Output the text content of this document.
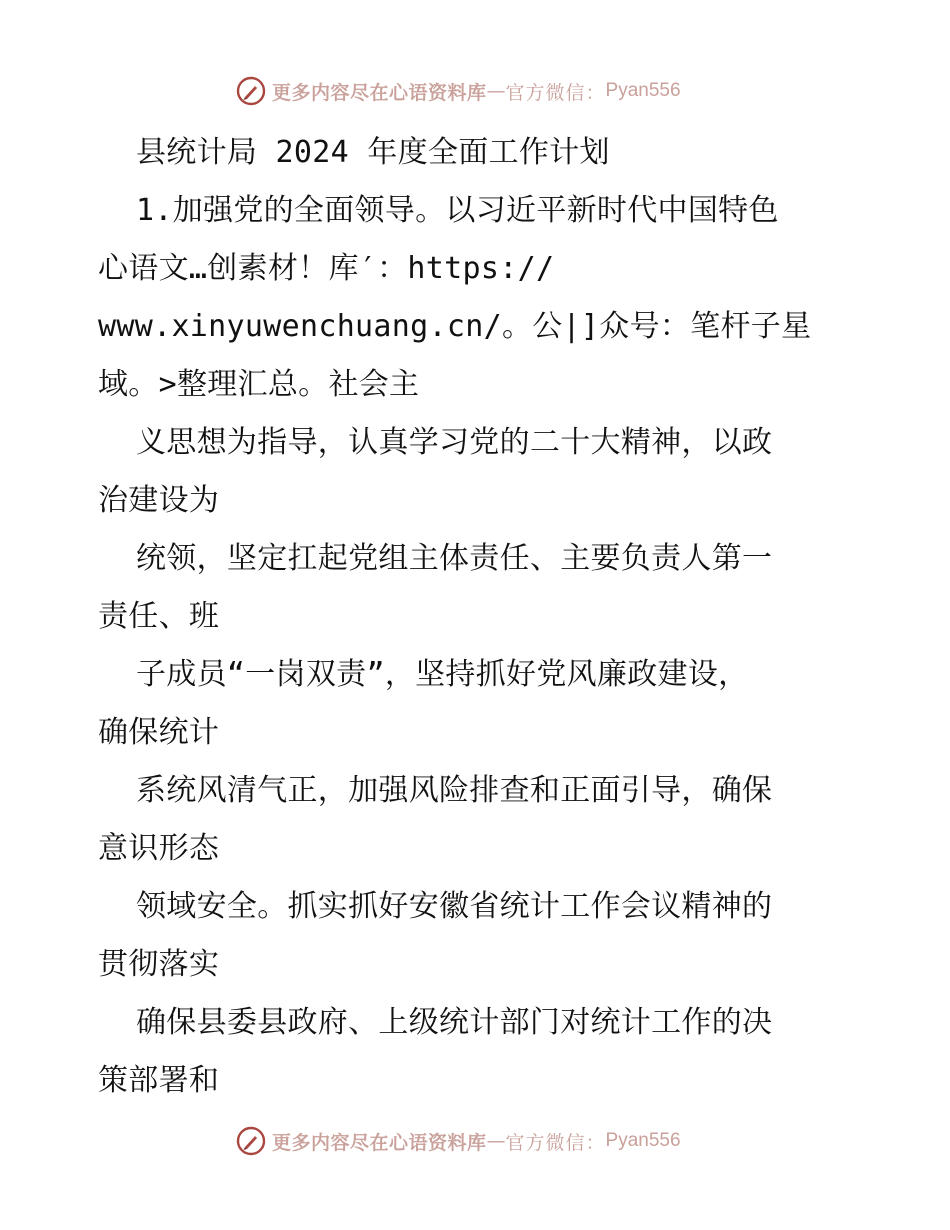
更多内容尽在心语资料库 — 官方微信： Pyan556
县统计局 2024 年度全面工作计划
1.加强党的全面领导。以习近平新时代中国特色
心语文…创素材！库′：https://
www.xinyuwenchuang.cn/。公|]众号：笔杆子星
域。>整理汇总。社会主
义思想为指导，认真学习党的二十大精神，以政
治建设为
统领，坚定扛起党组主体责任、主要负责人第一
责任、班
子成员“一岗双责”，坚持抓好党风廉政建设，
确保统计
系统风清气正，加强风险排查和正面引导，确保
意识形态
领域安全。抓实抓好安徽省统计工作会议精神的
贯彻落实
确保县委县政府、上级统计部门对统计工作的决
策部署和
更多内容尽在心语资料库 — 官方微信： Pyan556
